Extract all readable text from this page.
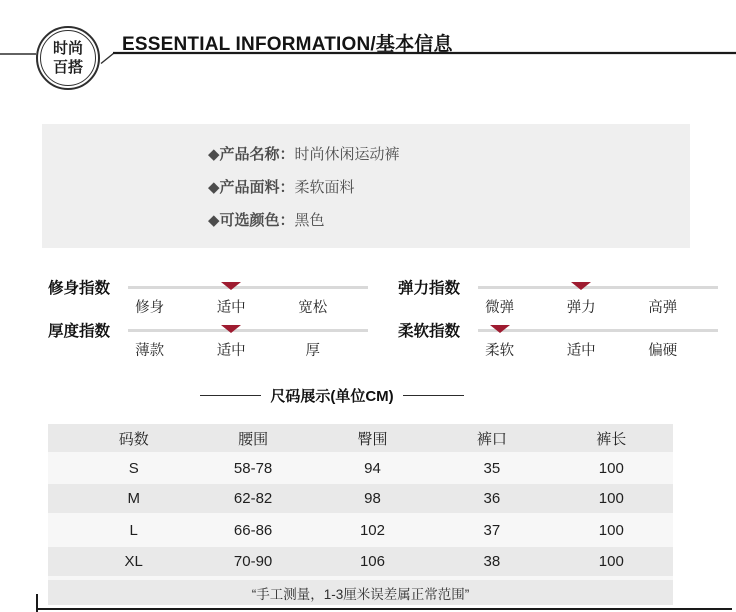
时尚
百搭
ESSENTIAL INFORMATION/基本信息
◆产品名称：时尚休闲运动裤
◆产品面料：柔软面料
◆可选颜色：黑色
修身指数
修身	适中	宽松
厚度指数
薄款	适中	厚
弹力指数
微弹	弹力	高弹
柔软指数
柔软	适中	偏硬
尺码展示(单位CM)
码数	腰围	臀围	裤口	裤长
S	58-78	94	35	100
M	62-82	98	36	100
L	66-86	102	37	100
XL	70-90	106	38	100
“手工测量，1-3厘米误差属正常范围”
